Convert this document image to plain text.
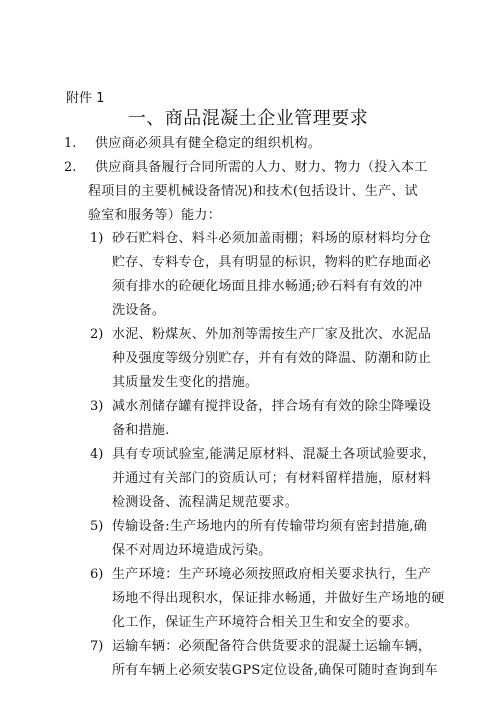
附件 1
一、商品混凝土企业管理要求
1. 供应商必须具有健全稳定的组织机构。
2. 供应商具备履行合同所需的人力、财力、物力（投入本工
程项目的主要机械设备情况)和技术(包括设计、生产、试
验室和服务等）能力：
1) 砂石贮料仓、料斗必须加盖雨棚；料场的原材料均分仓
贮存、专料专仓，具有明显的标识，物料的贮存地面必
须有排水的砼硬化场面且排水畅通;砂石料有有效的冲
洗设备。
2) 水泥、粉煤灰、外加剂等需按生产厂家及批次、水泥品
种及强度等级分别贮存，并有有效的降温、防潮和防止
其质量发生变化的措施。
3) 减水剂储存罐有搅拌设备，拌合场有有效的除尘降噪设
备和措施.
4) 具有专项试验室,能满足原材料、混凝土各项试验要求，
并通过有关部门的资质认可；有材料留样措施，原材料
检测设备、流程满足规范要求。
5) 传输设备:生产场地内的所有传输带均须有密封措施,确
保不对周边环境造成污染。
6) 生产环境：生产环境必须按照政府相关要求执行，生产
场地不得出现积水，保证排水畅通，并做好生产场地的硬
化工作，保证生产环境符合相关卫生和安全的要求。
7) 运输车辆：必须配备符合供货要求的混凝土运输车辆，
所有车辆上必须安装GPS定位设备,确保可随时查询到车
